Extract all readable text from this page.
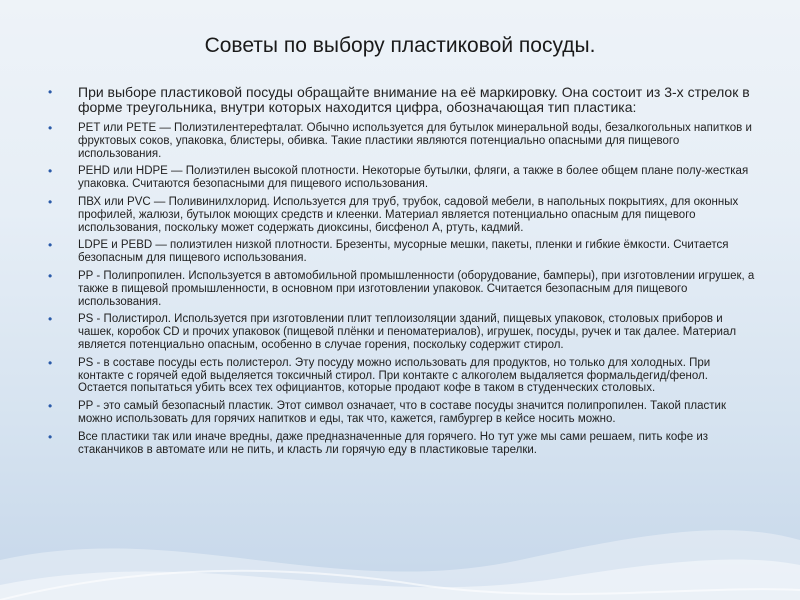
Советы по выбору пластиковой посуды.
• При выборе пластиковой посуды обращайте внимание на её маркировку. Она состоит из 3-х стрелок в форме треугольника, внутри которых находится цифра, обозначающая тип пластика:
• PET или PETE — Полиэтилентерефталат. Обычно используется для бутылок минеральной воды, безалкогольных напитков и фруктовых соков, упаковка, блистеры, обивка. Такие пластики являются потенциально опасными для пищевого использования.
• PEHD или HDPE — Полиэтилен высокой плотности. Некоторые бутылки, фляги, а также в более общем плане полу-жесткая упаковка. Считаются безопасными для пищевого использования.
• ПВХ или PVC — Поливинилхлорид. Используется для труб, трубок, садовой мебели, в напольных покрытиях, для оконных профилей, жалюзи, бутылок моющих средств и клеенки. Материал является потенциально опасным для пищевого использования, поскольку может содержать диоксины, бисфенол А, ртуть, кадмий.
• LDPE и PEBD — полиэтилен низкой плотности. Брезенты, мусорные мешки, пакеты, пленки и гибкие ёмкости. Считается безопасным для пищевого использования.
• PP - Полипропилен. Используется в автомобильной промышленности (оборудование, бамперы), при изготовлении игрушек, а также в пищевой промышленности, в основном при изготовлении упаковок. Считается безопасным для пищевого использования.
• PS - Полистирол. Используется при изготовлении плит теплоизоляции зданий, пищевых упаковок, столовых приборов и чашек, коробок CD и прочих упаковок (пищевой плёнки и пеноматериалов), игрушек, посуды, ручек и так далее. Материал является потенциально опасным, особенно в случае горения, поскольку содержит стирол.
• PS - в составе посуды есть полистерол. Эту посуду можно использовать для продуктов, но только для холодных. При контакте с горячей едой выделяется токсичный стирол. При контакте с алкоголем выдаляется формальдегид/фенол. Остается попытаться убить всех тех официантов, которые продают кофе в таком в студенческих столовых.
• PP - это самый безопасный пластик. Этот символ означает, что в составе посуды значится полипропилен. Такой пластик можно использовать для горячих напитков и еды, так что, кажется, гамбургер в кейсе носить можно.
• Все пластики так или иначе вредны, даже предназначенные для горячего. Но тут уже мы сами решаем, пить кофе из стаканчиков в автомате или не пить, и класть ли горячую еду в пластиковые тарелки.
